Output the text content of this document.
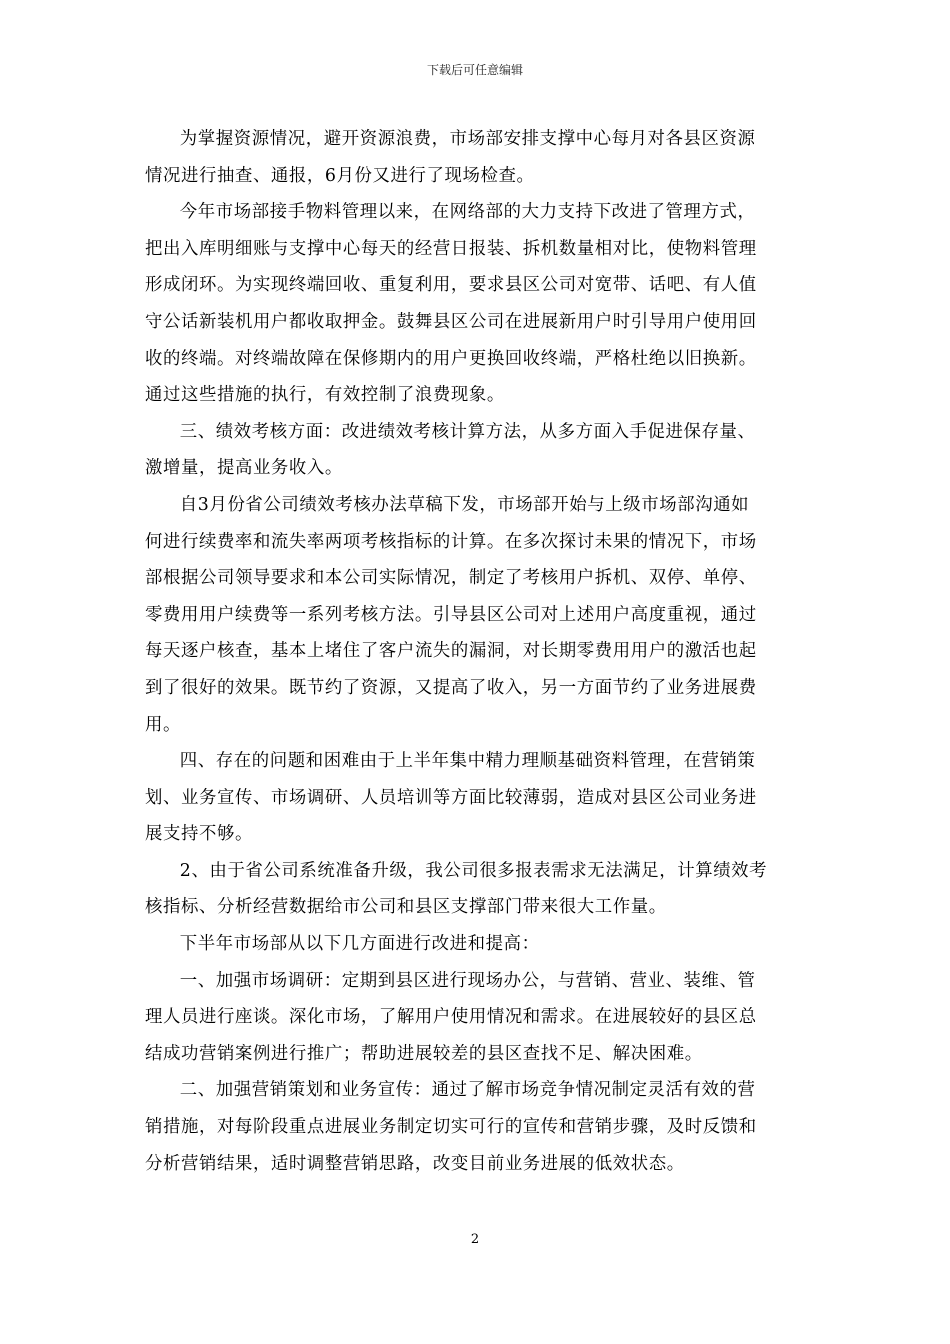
下载后可任意编辑
为掌握资源情况，避开资源浪费，市场部安排支撑中心每月对各县区资源
情况进行抽查、通报，6月份又进行了现场检查。
今年市场部接手物料管理以来，在网络部的大力支持下改进了管理方式，
把出入库明细账与支撑中心每天的经营日报装、拆机数量相对比，使物料管理
形成闭环。为实现终端回收、重复利用，要求县区公司对宽带、话吧、有人值
守公话新装机用户都收取押金。鼓舞县区公司在进展新用户时引导用户使用回
收的终端。对终端故障在保修期内的用户更换回收终端，严格杜绝以旧换新。
通过这些措施的执行，有效控制了浪费现象。
三、绩效考核方面：改进绩效考核计算方法，从多方面入手促进保存量、
激增量，提高业务收入。
自3月份省公司绩效考核办法草稿下发，市场部开始与上级市场部沟通如
何进行续费率和流失率两项考核指标的计算。在多次探讨未果的情况下，市场
部根据公司领导要求和本公司实际情况，制定了考核用户拆机、双停、单停、
零费用用户续费等一系列考核方法。引导县区公司对上述用户高度重视，通过
每天逐户核查，基本上堵住了客户流失的漏洞，对长期零费用用户的激活也起
到了很好的效果。既节约了资源，又提高了收入，另一方面节约了业务进展费
用。
四、存在的问题和困难由于上半年集中精力理顺基础资料管理，在营销策
划、业务宣传、市场调研、人员培训等方面比较薄弱，造成对县区公司业务进
展支持不够。
2、由于省公司系统准备升级，我公司很多报表需求无法满足，计算绩效考
核指标、分析经营数据给市公司和县区支撑部门带来很大工作量。
下半年市场部从以下几方面进行改进和提高：
一、加强市场调研：定期到县区进行现场办公，与营销、营业、装维、管
理人员进行座谈。深化市场，了解用户使用情况和需求。在进展较好的县区总
结成功营销案例进行推广；帮助进展较差的县区查找不足、解决困难。
二、加强营销策划和业务宣传：通过了解市场竞争情况制定灵活有效的营
销措施，对每阶段重点进展业务制定切实可行的宣传和营销步骤，及时反馈和
分析营销结果，适时调整营销思路，改变目前业务进展的低效状态。
2
